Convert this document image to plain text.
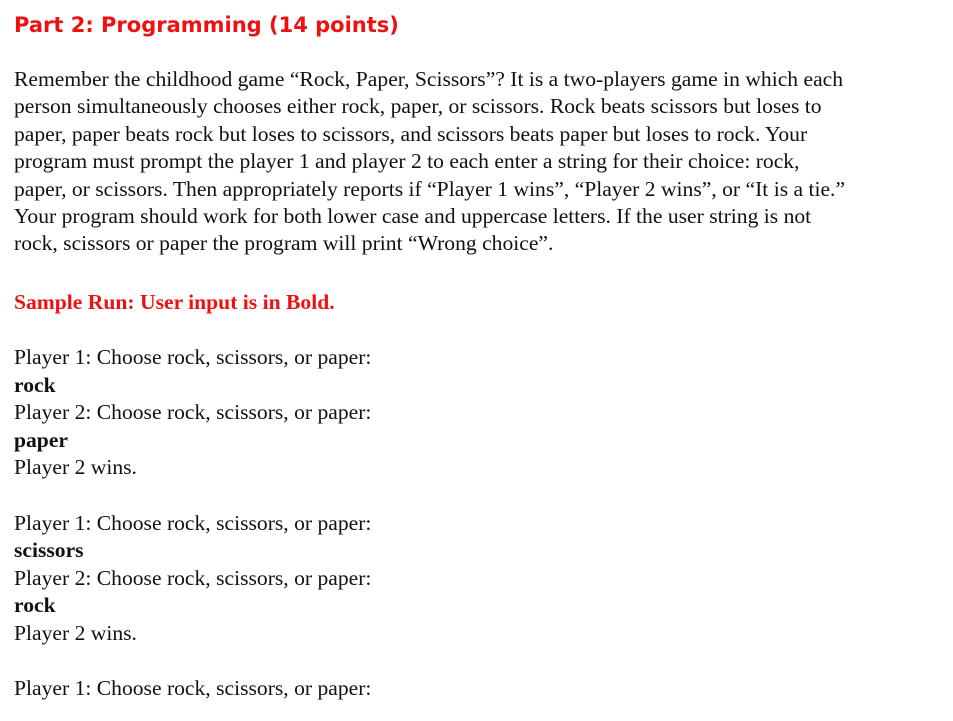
Part 2: Programming (14 points)

Remember the childhood game “Rock, Paper, Scissors”? It is a two-players game in which each
person simultaneously chooses either rock, paper, or scissors. Rock beats scissors but loses to
paper, paper beats rock but loses to scissors, and scissors beats paper but loses to rock. Your
program must prompt the player 1 and player 2 to each enter a string for their choice: rock,
paper, or scissors. Then appropriately reports if “Player 1 wins”, “Player 2 wins”, or “It is a tie.”
Your program should work for both lower case and uppercase letters. If the user string is not
rock, scissors or paper the program will print “Wrong choice”.

Sample Run: User input is in Bold.

Player 1: Choose rock, scissors, or paper:
rock
Player 2: Choose rock, scissors, or paper:
paper
Player 2 wins.
Player 1: Choose rock, scissors, or paper:
scissors
Player 2: Choose rock, scissors, or paper:
rock
Player 2 wins.
Player 1: Choose rock, scissors, or paper:
